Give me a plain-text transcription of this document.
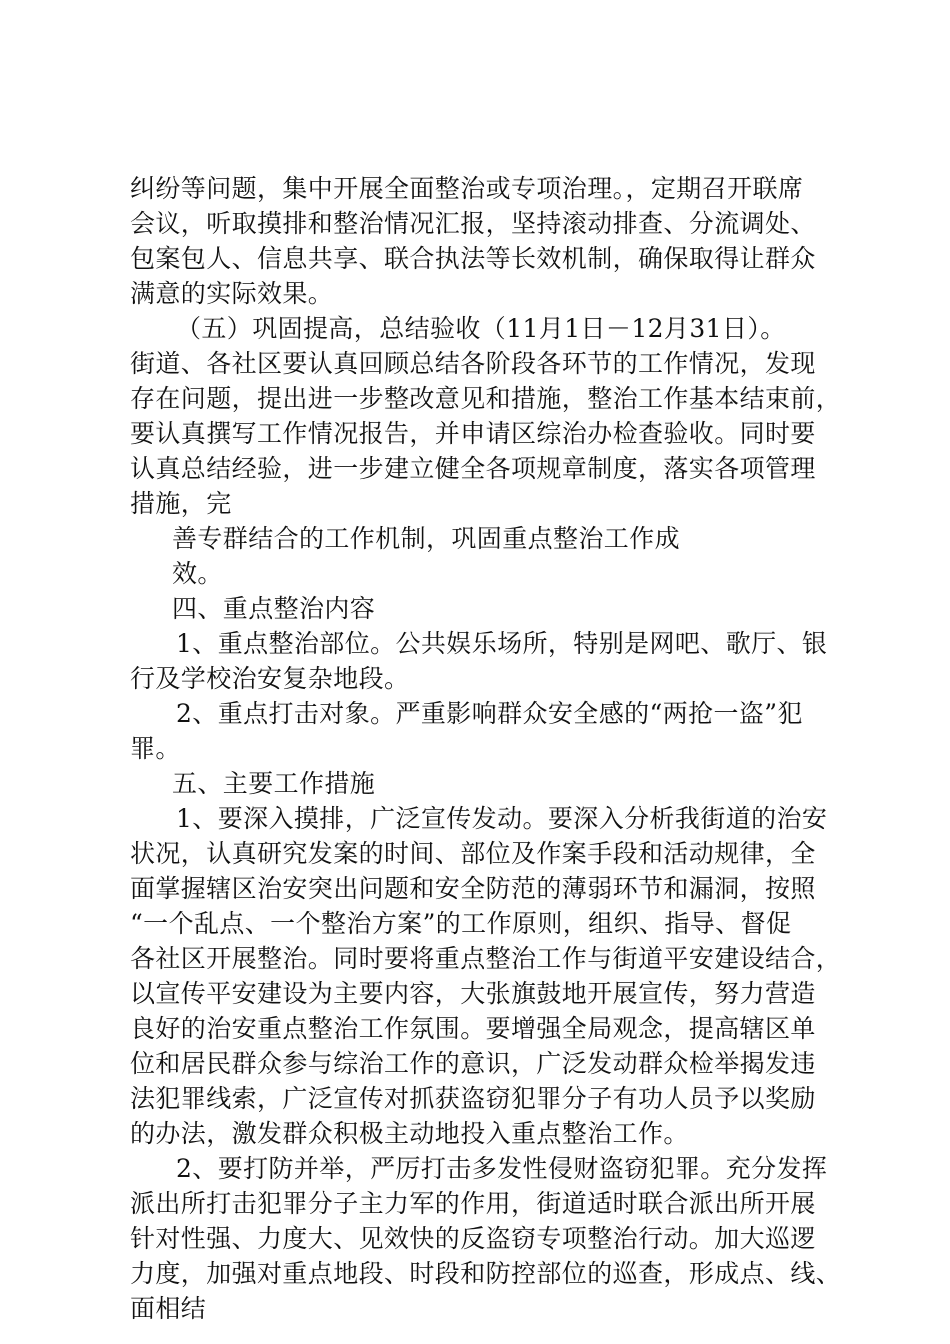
纠纷等问题，集中开展全面整治或专项治理。，定期召开联席
会议，听取摸排和整治情况汇报，坚持滚动排查、分流调处、
包案包人、信息共享、联合执法等长效机制，确保取得让群众
满意的实际效果。
（五）巩固提高，总结验收（11月1日－12月31日）。
街道、各社区要认真回顾总结各阶段各环节的工作情况，发现
存在问题，提出进一步整改意见和措施，整治工作基本结束前，
要认真撰写工作情况报告，并申请区综治办检查验收。同时要
认真总结经验，进一步建立健全各项规章制度，落实各项管理
措施，完
善专群结合的工作机制，巩固重点整治工作成
效。
四、重点整治内容
1、重点整治部位。公共娱乐场所，特别是网吧、歌厅、银
行及学校治安复杂地段。
2、重点打击对象。严重影响群众安全感的“两抢一盗”犯
罪。
五、主要工作措施
1、要深入摸排，广泛宣传发动。要深入分析我街道的治安
状况，认真研究发案的时间、部位及作案手段和活动规律，全
面掌握辖区治安突出问题和安全防范的薄弱环节和漏洞，按照
“一个乱点、一个整治方案”的工作原则，组织、指导、督促
各社区开展整治。同时要将重点整治工作与街道平安建设结合，
以宣传平安建设为主要内容，大张旗鼓地开展宣传，努力营造
良好的治安重点整治工作氛围。要增强全局观念，提高辖区单
位和居民群众参与综治工作的意识，广泛发动群众检举揭发违
法犯罪线索，广泛宣传对抓获盗窃犯罪分子有功人员予以奖励
的办法，激发群众积极主动地投入重点整治工作。
2、要打防并举，严厉打击多发性侵财盗窃犯罪。充分发挥
派出所打击犯罪分子主力军的作用，街道适时联合派出所开展
针对性强、力度大、见效快的反盗窃专项整治行动。加大巡逻
力度，加强对重点地段、时段和防控部位的巡查，形成点、线、
面相结
